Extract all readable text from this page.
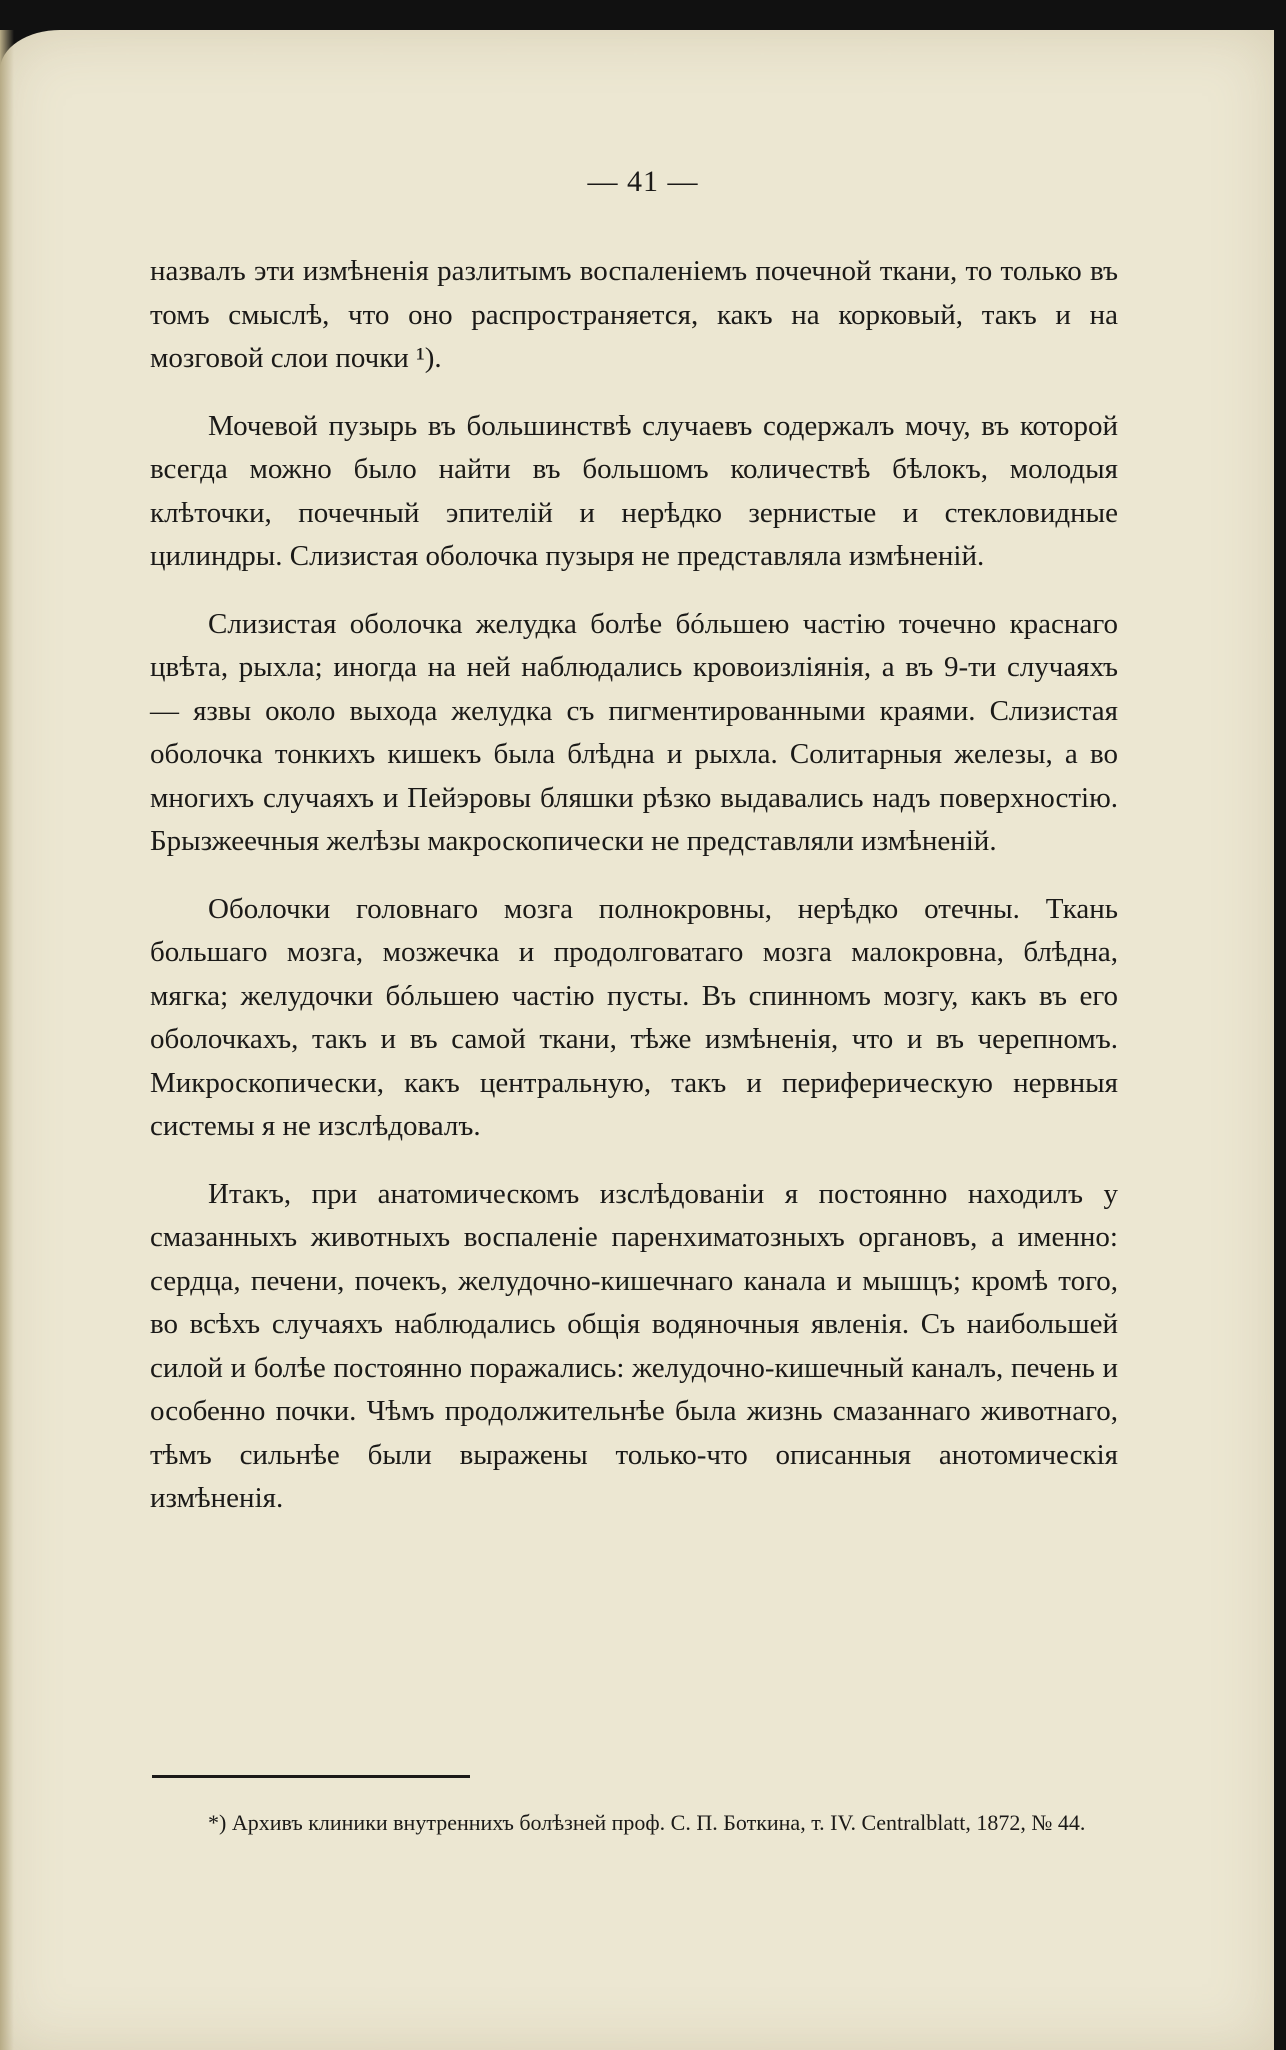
— 41 —

назвалъ эти измѣненія разлитымъ воспаленіемъ почечной ткани, то только въ томъ смыслѣ, что оно распространяется, какъ на корковый, такъ и на мозговой слои почки ¹).

Мочевой пузырь въ большинствѣ случаевъ содержалъ мочу, въ которой всегда можно было найти въ большомъ количествѣ бѣлокъ, молодыя клѣточки, почечный эпителій и нерѣдко зернистые и стекловидные цилиндры. Слизистая оболочка пузыря не представляла измѣненій.

Слизистая оболочка желудка болѣе бóльшею частію точечно краснаго цвѣта, рыхла; иногда на ней наблюдались кровоизліянія, а въ 9-ти случаяхъ — язвы около выхода желудка съ пигментированными краями. Слизистая оболочка тонкихъ кишекъ была блѣдна и рыхла. Солитарныя железы, а во многихъ случаяхъ и Пейэровы бляшки рѣзко выдавались надъ поверхностію. Брызжеечныя желѣзы макроскопически не представляли измѣненій.

Оболочки головнаго мозга полнокровны, нерѣдко отечны. Ткань большаго мозга, мозжечка и продолговатаго мозга малокровна, блѣдна, мягка; желудочки бóльшею частію пусты. Въ спинномъ мозгу, какъ въ его оболочкахъ, такъ и въ самой ткани, тѣже измѣненія, что и въ черепномъ. Микроскопически, какъ центральную, такъ и периферическую нервныя системы я не изслѣдовалъ.

Итакъ, при анатомическомъ изслѣдованіи я постоянно находилъ у смазанныхъ животныхъ воспаленіе паренхиматозныхъ органовъ, а именно: сердца, печени, почекъ, желудочно-кишечнаго канала и мышцъ; кромѣ того, во всѣхъ случаяхъ наблюдались общія водяночныя явленія. Съ наибольшей силой и болѣе постоянно поражались: желудочно-кишечный каналъ, печень и особенно почки. Чѣмъ продолжительнѣе была жизнь смазаннаго животнаго, тѣмъ сильнѣе были выражены только-что описанныя анотомическія измѣненія.

*) Архивъ клиники внутреннихъ болѣзней проф. С. П. Боткина, т. IV. Centralblatt, 1872, № 44.
